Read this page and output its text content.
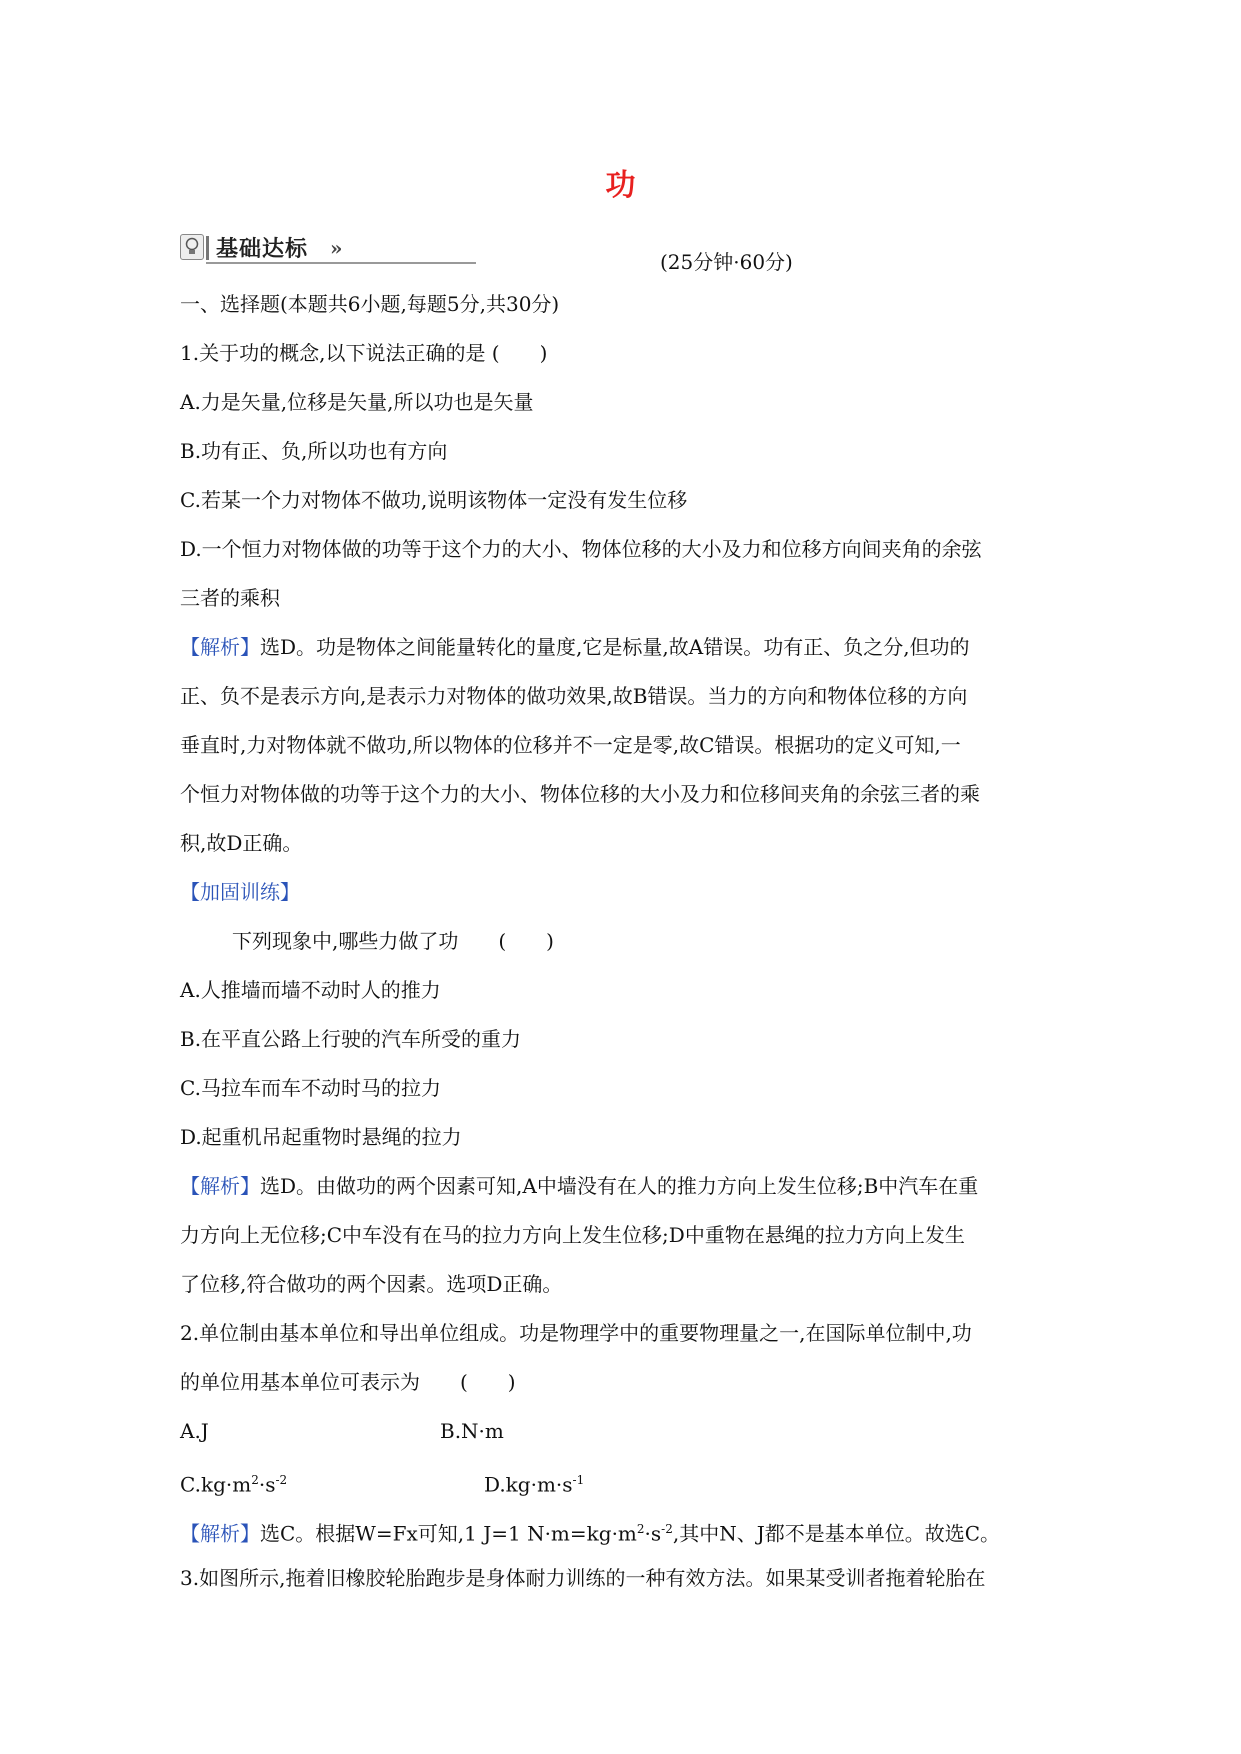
功
基础达标 »
(25分钟·60分)
一、选择题(本题共6小题,每题5分,共30分)
1.关于功的概念,以下说法正确的是 (　　)
A.力是矢量,位移是矢量,所以功也是矢量
B.功有正、负,所以功也有方向
C.若某一个力对物体不做功,说明该物体一定没有发生位移
D.一个恒力对物体做的功等于这个力的大小、物体位移的大小及力和位移方向间夹角的余弦
三者的乘积
【解析】选D。功是物体之间能量转化的量度,它是标量,故A错误。功有正、负之分,但功的
正、负不是表示方向,是表示力对物体的做功效果,故B错误。当力的方向和物体位移的方向
垂直时,力对物体就不做功,所以物体的位移并不一定是零,故C错误。根据功的定义可知,一
个恒力对物体做的功等于这个力的大小、物体位移的大小及力和位移间夹角的余弦三者的乘
积,故D正确。
【加固训练】
下列现象中,哪些力做了功　　(　　)
A.人推墙而墙不动时人的推力
B.在平直公路上行驶的汽车所受的重力
C.马拉车而车不动时马的拉力
D.起重机吊起重物时悬绳的拉力
【解析】选D。由做功的两个因素可知,A中墙没有在人的推力方向上发生位移;B中汽车在重
力方向上无位移;C中车没有在马的拉力方向上发生位移;D中重物在悬绳的拉力方向上发生
了位移,符合做功的两个因素。选项D正确。
2.单位制由基本单位和导出单位组成。功是物理学中的重要物理量之一,在国际单位制中,功
的单位用基本单位可表示为　　(　　)
A.J	B.N·m
$C.kg\cdot m^2\cdot s^{-2}$	$D.kg\cdot m\cdot s^{-1}$
【解析】选C。根据W=Fx可知,1 J=1 $N\cdot m=kg\cdot m^2\cdot s^{-2}$,其中N、J都不是基本单位。故选C。
3.如图所示,拖着旧橡胶轮胎跑步是身体耐力训练的一种有效方法。如果某受训者拖着轮胎在
